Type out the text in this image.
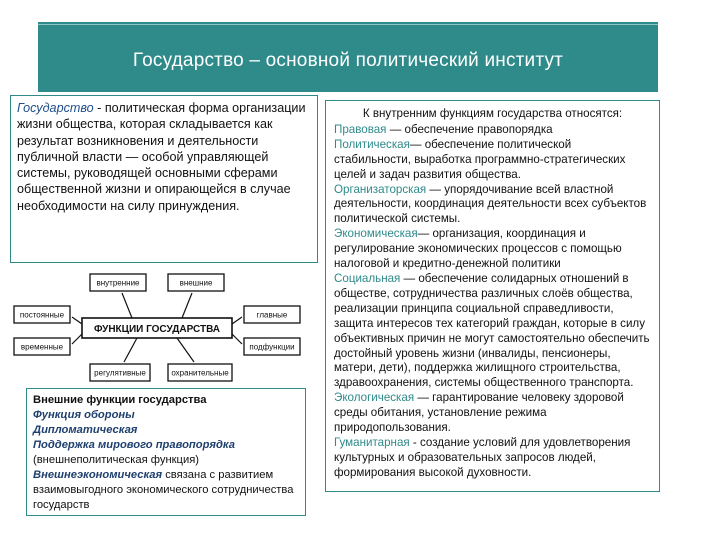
Государство – основной политический институт
Государство - политическая форма организации жизни общества, которая складывается как результат возникновения и деятельности публичной власти — особой управляющей системы, руководящей основными сферами общественной жизни и опирающейся в случае необходимости на силу принуждения.
внутренние	внешние
ФУНКЦИИ ГОСУДАРСТВА
постоянные
временные
главные
подфункции
регулятивные	охранительные
Внешние функции государства
Функция обороны
Дипломатическая
Поддержка мирового правопорядка
(внешнеполитическая функция)
Внешнеэкономическая связана с развитием взаимовыгодного экономического сотрудничества государств
К внутренним функциям государства относятся:
Правовая — обеспечение правопорядка
Политическая— обеспечение политической стабильности, выработка программно-стратегических целей и задач развития общества.
Организаторская — упорядочивание всей властной деятельности, координация деятельности всех субъектов политической системы.
Экономическая— организация, координация и регулирование экономических процессов с помощью налоговой и кредитно-денежной политики
Социальная — обеспечение солидарных отношений в обществе, сотрудничества различных слоёв общества, реализации принципа социальной справедливости, защита интересов тех категорий граждан, которые в силу объективных причин не могут самостоятельно обеспечить достойный уровень жизни (инвалиды, пенсионеры, матери, дети), поддержка жилищного строительства, здравоохранения, системы общественного транспорта.
Экологическая — гарантирование человеку здоровой среды обитания, установление режима природопользования.
Гуманитарная - создание условий для удовлетворения культурных и образовательных запросов людей, формирования высокой духовности.
